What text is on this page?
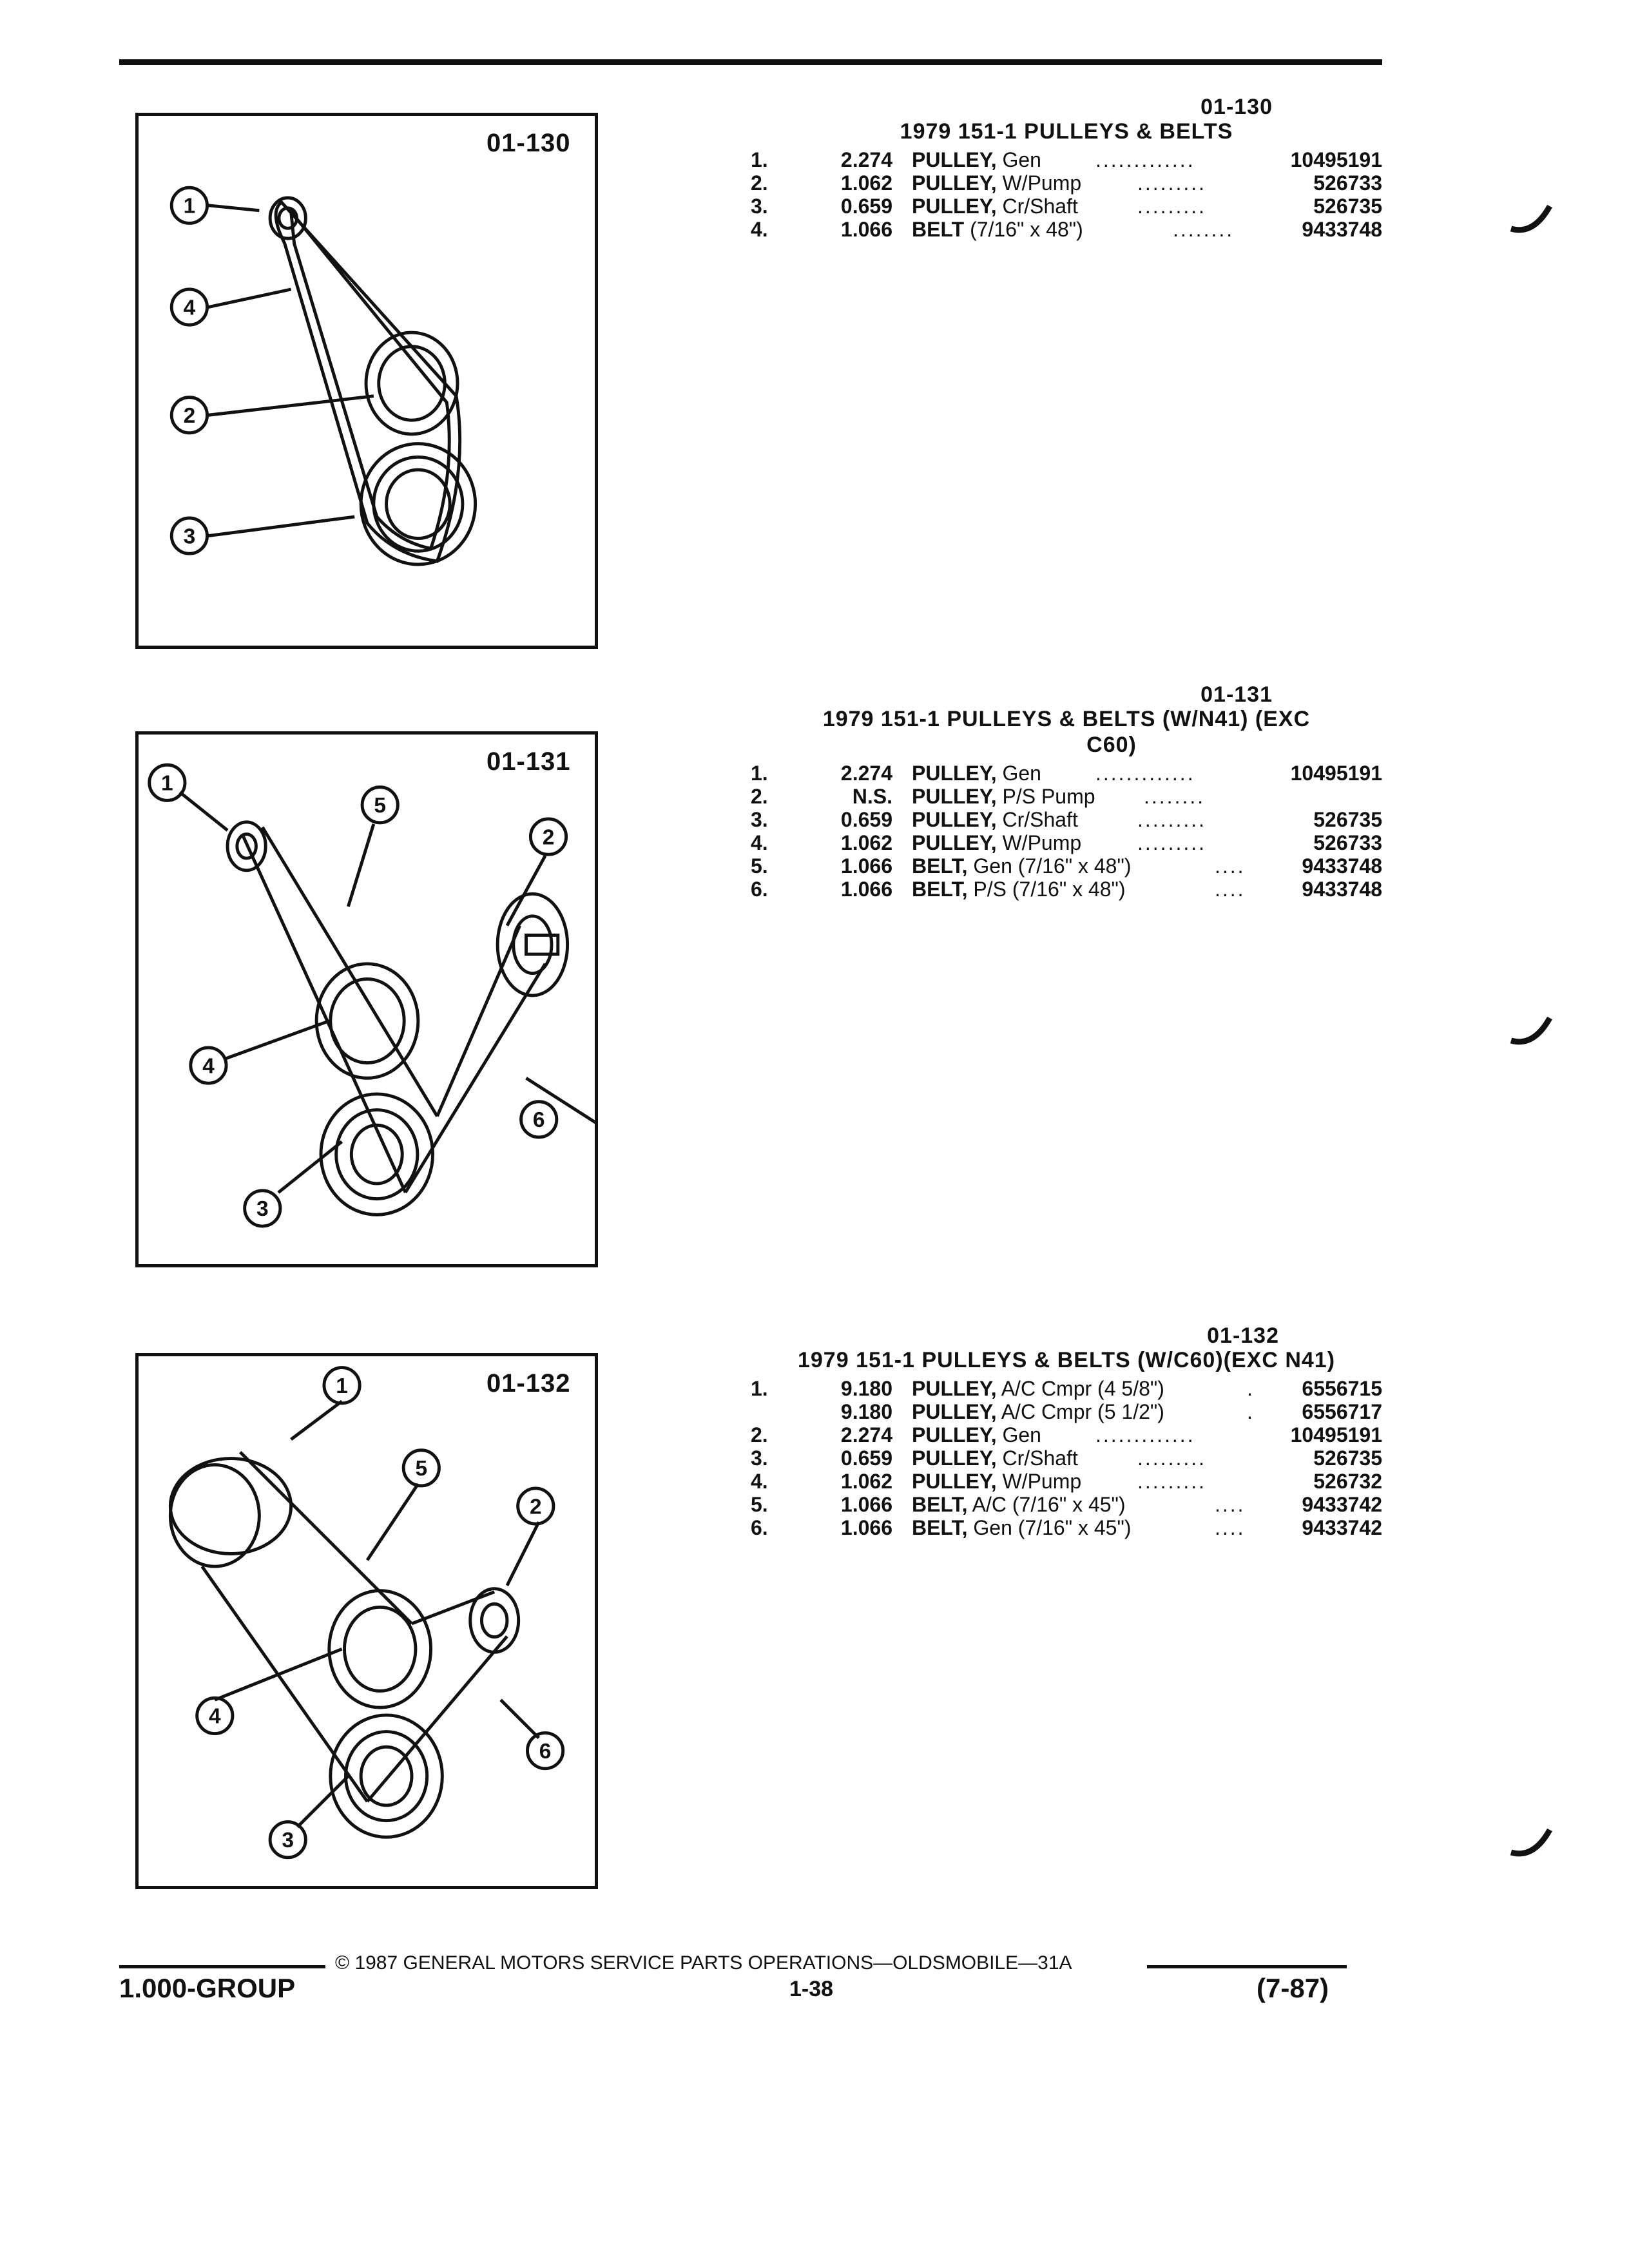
1
4
2
3
01-130
1
5
2
4
6
3
01-131
1
5
2
4
6
3
01-132
01-130
1979 151-1 PULLEYS & BELTS
1.	2.274 PULLEY, Gen	.............	10495191
2.	1.062 PULLEY, W/Pump	.........	526733
3.	0.659 PULLEY, Cr/Shaft	.........	526735
4.	1.066 BELT (7/16" x 48")	........	9433748
01-131
1979 151-1 PULLEYS & BELTS (W/N41) (EXC
C60)
1.	2.274 PULLEY, Gen	.............	10495191
2.	N.S. PULLEY, P/S Pump ........
3.	0.659 PULLEY, Cr/Shaft	.........	526735
4.	1.062 PULLEY, W/Pump	.........	526733
5.	1.066 BELT, Gen (7/16" x 48")	....	9433748
6.	1.066 BELT, P/S (7/16" x 48")	....	9433748
01-132
1979 151-1 PULLEYS & BELTS (W/C60)(EXC N41)
1.	9.180 PULLEY, A/C Cmpr (4 5/8")	. 6556715
9.180 PULLEY, A/C Cmpr (5 1/2")	. 6556717
2.	2.274 PULLEY, Gen	.............	10495191
3.	0.659 PULLEY, Cr/Shaft	.........	526735
4.	1.062 PULLEY, W/Pump	.........	526732
5.	1.066 BELT, A/C (7/16" x 45")	....	9433742
6.	1.066 BELT, Gen (7/16" x 45")	....	9433742
© 1987 GENERAL MOTORS SERVICE PARTS OPERATIONS—OLDSMOBILE—31A
1.000-GROUP	1-38	(7-87)
